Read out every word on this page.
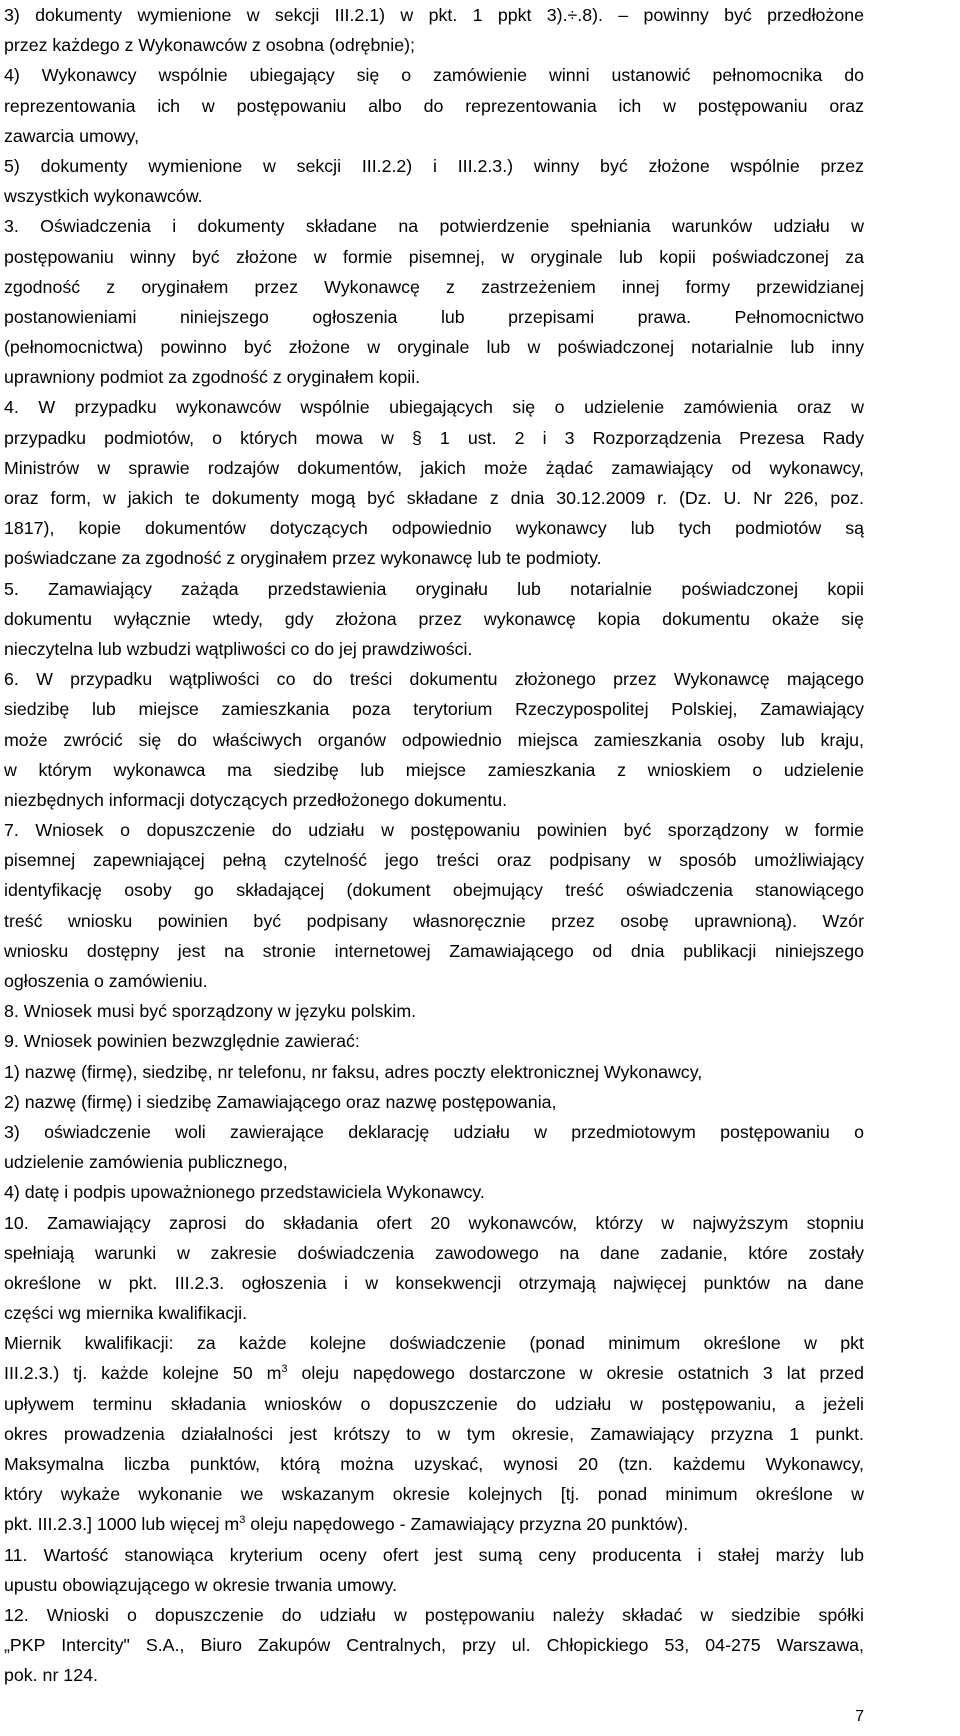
3) dokumenty wymienione w sekcji III.2.1) w pkt. 1 ppkt 3).÷.8). – powinny być przedłożone
przez każdego z Wykonawców z osobna (odrębnie);
4) Wykonawcy wspólnie ubiegający się o zamówienie winni ustanowić pełnomocnika do
reprezentowania ich w postępowaniu albo do reprezentowania ich w postępowaniu oraz
zawarcia umowy,
5) dokumenty wymienione w sekcji III.2.2) i III.2.3.) winny być złożone wspólnie przez
wszystkich wykonawców.
3. Oświadczenia i dokumenty składane na potwierdzenie spełniania warunków udziału w
postępowaniu winny być złożone w formie pisemnej, w oryginale lub kopii poświadczonej za
zgodność z oryginałem przez Wykonawcę z zastrzeżeniem innej formy przewidzianej
postanowieniami niniejszego ogłoszenia lub przepisami prawa. Pełnomocnictwo
(pełnomocnictwa) powinno być złożone w oryginale lub w poświadczonej notarialnie lub inny
uprawniony podmiot za zgodność z oryginałem kopii.
4. W przypadku wykonawców wspólnie ubiegających się o udzielenie zamówienia oraz w
przypadku podmiotów, o których mowa w § 1 ust. 2 i 3 Rozporządzenia Prezesa Rady
Ministrów w sprawie rodzajów dokumentów, jakich może żądać zamawiający od wykonawcy,
oraz form, w jakich te dokumenty mogą być składane z dnia 30.12.2009 r. (Dz. U. Nr 226, poz.
1817), kopie dokumentów dotyczących odpowiednio wykonawcy lub tych podmiotów są
poświadczane za zgodność z oryginałem przez wykonawcę lub te podmioty.
5. Zamawiający zażąda przedstawienia oryginału lub notarialnie poświadczonej kopii
dokumentu wyłącznie wtedy, gdy złożona przez wykonawcę kopia dokumentu okaże się
nieczytelna lub wzbudzi wątpliwości co do jej prawdziwości.
6. W przypadku wątpliwości co do treści dokumentu złożonego przez Wykonawcę mającego
siedzibę lub miejsce zamieszkania poza terytorium Rzeczypospolitej Polskiej, Zamawiający
może zwrócić się do właściwych organów odpowiednio miejsca zamieszkania osoby lub kraju,
w którym wykonawca ma siedzibę lub miejsce zamieszkania z wnioskiem o udzielenie
niezbędnych informacji dotyczących przedłożonego dokumentu.
7. Wniosek o dopuszczenie do udziału w postępowaniu powinien być sporządzony w formie
pisemnej zapewniającej pełną czytelność jego treści oraz podpisany w sposób umożliwiający
identyfikację osoby go składającej (dokument obejmujący treść oświadczenia stanowiącego
treść wniosku powinien być podpisany własnoręcznie przez osobę uprawnioną). Wzór
wniosku dostępny jest na stronie internetowej Zamawiającego od dnia publikacji niniejszego
ogłoszenia o zamówieniu.
8. Wniosek musi być sporządzony w języku polskim.
9. Wniosek powinien bezwzględnie zawierać:
1) nazwę (firmę), siedzibę, nr telefonu, nr faksu, adres poczty elektronicznej Wykonawcy,
2) nazwę (firmę) i siedzibę Zamawiającego oraz nazwę postępowania,
3) oświadczenie woli zawierające deklarację udziału w przedmiotowym postępowaniu o
udzielenie zamówienia publicznego,
4) datę i podpis upoważnionego przedstawiciela Wykonawcy.
10. Zamawiający zaprosi do składania ofert 20 wykonawców, którzy w najwyższym stopniu
spełniają warunki w zakresie doświadczenia zawodowego na dane zadanie, które zostały
określone w pkt. III.2.3. ogłoszenia i w konsekwencji otrzymają najwięcej punktów na dane
części wg miernika kwalifikacji.
Miernik kwalifikacji: za każde kolejne doświadczenie (ponad minimum określone w pkt
III.2.3.) tj. każde kolejne 50 $m^3$ oleju napędowego dostarczone w okresie ostatnich 3 lat przed
upływem terminu składania wniosków o dopuszczenie do udziału w postępowaniu, a jeżeli
okres prowadzenia działalności jest krótszy to w tym okresie, Zamawiający przyzna 1 punkt.
Maksymalna liczba punktów, którą można uzyskać, wynosi 20 (tzn. każdemu Wykonawcy,
który wykaże wykonanie we wskazanym okresie kolejnych [tj. ponad minimum określone w
pkt. III.2.3.] 1000 lub więcej $m^3$ oleju napędowego - Zamawiający przyzna 20 punktów).
11. Wartość stanowiąca kryterium oceny ofert jest sumą ceny producenta i stałej marży lub
upustu obowiązującego w okresie trwania umowy.
12. Wnioski o dopuszczenie do udziału w postępowaniu należy składać w siedzibie spółki
„PKP Intercity" S.A., Biuro Zakupów Centralnych, przy ul. Chłopickiego 53, 04-275 Warszawa,
pok. nr 124.
7
